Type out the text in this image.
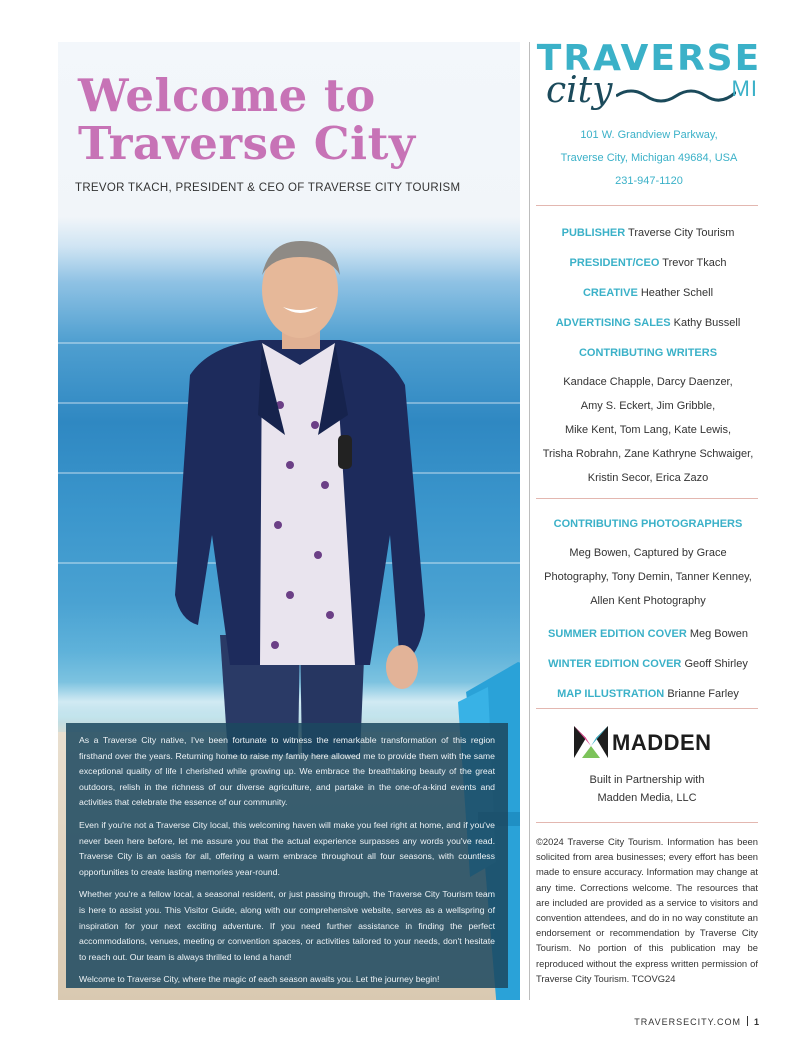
Welcome to
Traverse City
TREVOR TKACH, PRESIDENT & CEO OF TRAVERSE CITY TOURISM

As a Traverse City native, I've been fortunate to witness the remarkable transformation of this region firsthand over the years. Returning home to raise my family here allowed me to provide them with the same exceptional quality of life I cherished while growing up. We embrace the breathtaking beauty of the great outdoors, relish in the richness of our diverse agriculture, and partake in the one-of-a-kind events and activities that celebrate the essence of our community.

Even if you're not a Traverse City local, this welcoming haven will make you feel right at home, and if you've never been here before, let me assure you that the actual experience surpasses any words you've read. Traverse City is an oasis for all, offering a warm embrace throughout all four seasons, with countless opportunities to create lasting memories year-round.

Whether you're a fellow local, a seasonal resident, or just passing through, the Traverse City Tourism team is here to assist you. This Visitor Guide, along with our comprehensive website, serves as a wellspring of inspiration for your next exciting adventure. If you need further assistance in finding the perfect accommodations, venues, meeting or convention spaces, or activities tailored to your needs, don't hesitate to reach out. Our team is always thrilled to lend a hand!

Welcome to Traverse City, where the magic of each season awaits you. Let the journey begin!

TRAVERSE
city	MI
101 W. Grandview Parkway,
Traverse City, Michigan 49684, USA
231-947-1120
PUBLISHER Traverse City Tourism
PRESIDENT/CEO Trevor Tkach
CREATIVE Heather Schell
ADVERTISING SALES Kathy Bussell
CONTRIBUTING WRITERS
Kandace Chapple, Darcy Daenzer,
Amy S. Eckert, Jim Gribble,
Mike Kent, Tom Lang, Kate Lewis,
Trisha Robrahn, Zane Kathryne Schwaiger,
Kristin Secor, Erica Zazo
CONTRIBUTING PHOTOGRAPHERS
Meg Bowen, Captured by Grace
Photography, Tony Demin, Tanner Kenney,
Allen Kent Photography
SUMMER EDITION COVER Meg Bowen
WINTER EDITION COVER Geoff Shirley
MAP ILLUSTRATION Brianne Farley
MADDEN
Built in Partnership with
Madden Media, LLC
©2024 Traverse City Tourism. Information has been solicited from area businesses; every effort has been made to ensure accuracy. Information may change at any time. Corrections welcome. The resources that are included are provided as a service to visitors and convention attendees, and do in no way constitute an endorsement or recommendation by Traverse City Tourism. No portion of this publication may be reproduced without the express written permission of Traverse City Tourism. TCOVG24
TRAVERSECITY.COM 1
